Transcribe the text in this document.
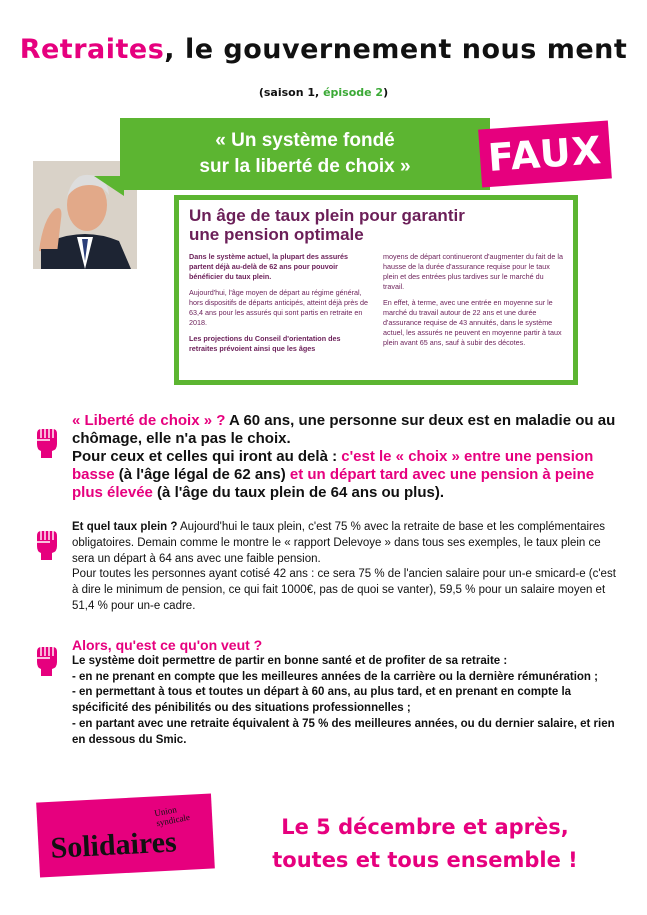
Retraites, le gouvernement nous ment
(saison 1, épisode 2)
« Un système fondé
sur la liberté de choix »	FAUX
Un âge de taux plein pour garantir
une pension optimale

Dans le système actuel, la plupart des assurés partent déjà au-delà de 62 ans pour pouvoir bénéficier du taux plein.

Aujourd'hui, l'âge moyen de départ au régime général, hors dispositifs de départs anticipés, atteint déjà près de 63,4 ans pour les assurés qui sont partis en retraite en 2018.

Les projections du Conseil d'orientation des retraites prévoient ainsi que les âges

moyens de départ continueront d'augmenter du fait de la hausse de la durée d'assurance requise pour le taux plein et des entrées plus tardives sur le marché du travail.

En effet, à terme, avec une entrée en moyenne sur le marché du travail autour de 22 ans et une durée d'assurance requise de 43 annuités, dans le système actuel, les assurés ne peuvent en moyenne partir à taux plein avant 65 ans, sauf à subir des décotes.

« Liberté de choix » ? A 60 ans, une personne sur deux est en maladie ou au chômage, elle n'a pas le choix.
Pour ceux et celles qui iront au delà : c'est le « choix » entre une pension basse (à l'âge légal de 62 ans) et un départ tard avec une pension à peine plus élevée (à l'âge du taux plein de 64 ans ou plus).
Et quel taux plein ? Aujourd'hui le taux plein, c'est 75 % avec la retraite de base et les complémentaires obligatoires. Demain comme le montre le « rapport Delevoye » dans tous ses exemples, le taux plein ce sera un départ à 64 ans avec une faible pension.
Pour toutes les personnes ayant cotisé 42 ans : ce sera 75 % de l'ancien salaire pour un-e smicard-e (c'est à dire le minimum de pension, ce qui fait 1000€, pas de quoi se vanter), 59,5 % pour un salaire moyen et 51,4 % pour un-e cadre.
Alors, qu'est ce qu'on veut ?
Le système doit permettre de partir en bonne santé et de profiter de sa retraite :
- en ne prenant en compte que les meilleures années de la carrière ou la dernière rémunération ;
- en permettant à tous et toutes un départ à 60 ans, au plus tard, et en prenant en compte la spécificité des pénibilités ou des situations professionnelles ;
- en partant avec une retraite équivalent à 75 % des meilleures années, ou du dernier salaire, et rien en dessous du Smic.
Union syndicale
Solidaires	Le 5 décembre et après,
toutes et tous ensemble !
